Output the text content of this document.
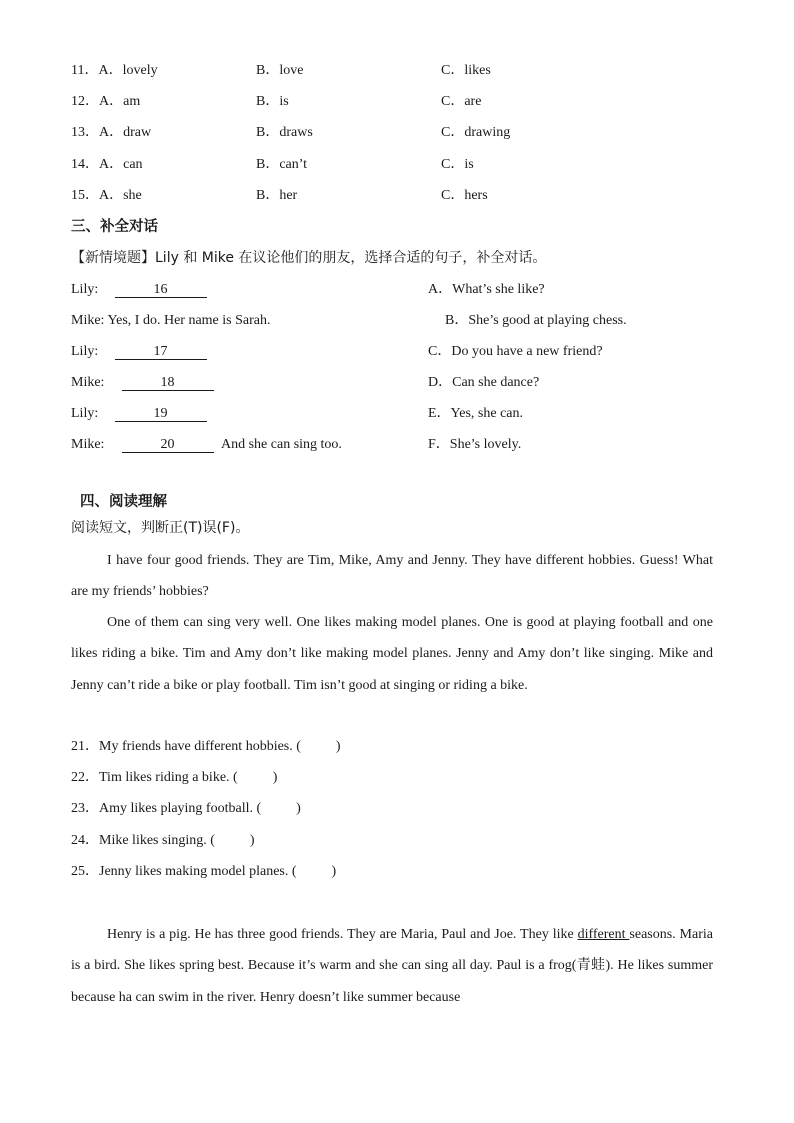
11．A．lovely	B．love	C．likes
12．A．am	B．is	C．are
13．A．draw	B．draws	C．drawing
14．A．can	B．can’t	C．is
15．A．she	B．her	C．hers
三、补全对话
【新情境题】Lily 和 Mike 在议论他们的朋友，选择合适的句子，补全对话。
Lily:	16
Mike: Yes, I do. Her name is Sarah.
Lily:	17
Mike:	18
Lily:	19
Mike:	20	And she can sing too.
A．What’s she like?
B．She’s good at playing chess.
C．Do you have a new friend?
D．Can she dance?
E．Yes, she can.
F．She’s lovely.
四、阅读理解
阅读短文，判断正(T)误(F)。
I have four good friends. They are Tim, Mike, Amy and Jenny. They have different hobbies. Guess! What are my friends’ hobbies?
One of them can sing very well. One likes making model planes. One is good at playing football and one likes riding a bike. Tim and Amy don’t like making model planes. Jenny and Amy don’t like singing. Mike and Jenny can’t ride a bike or play football. Tim isn’t good at singing or riding a bike.
21．My friends have different hobbies. (          )
22．Tim likes riding a bike. (          )
23．Amy likes playing football. (          )
24．Mike likes singing. (          )
25．Jenny likes making model planes. (          )
Henry is a pig. He has three good friends. They are Maria, Paul and Joe. They like different seasons. Maria is a bird. She likes spring best. Because it’s warm and she can sing all day. Paul is a frog(青蛙). He likes summer because ha can swim in the river. Henry doesn’t like summer because
